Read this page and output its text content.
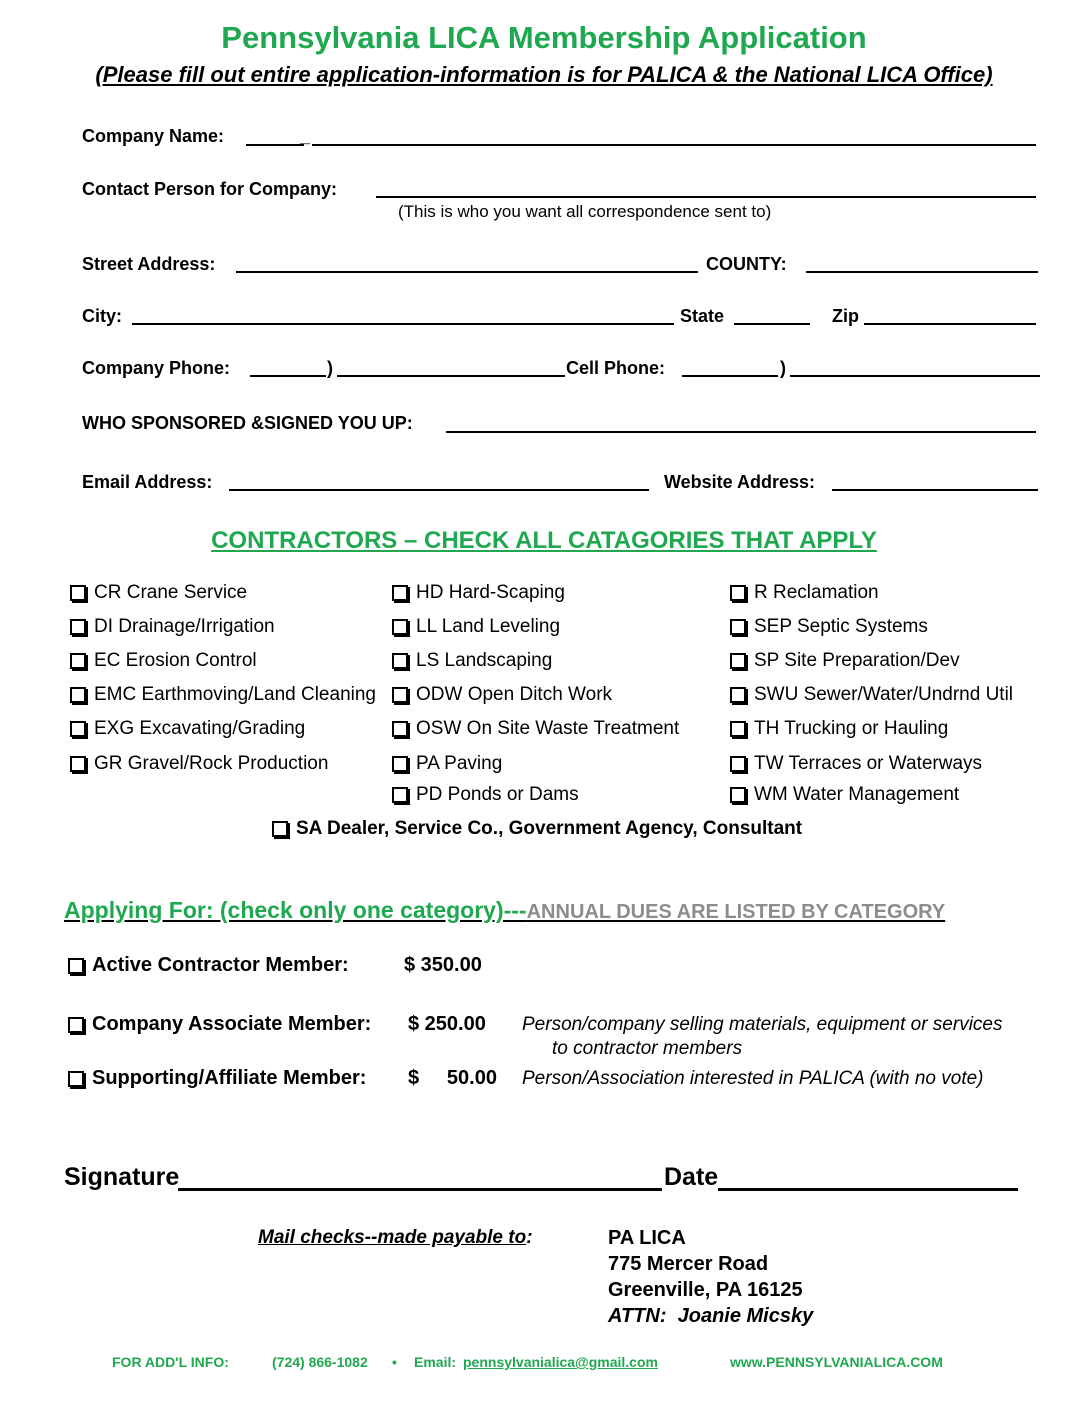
Pennsylvania LICA Membership Application
(Please fill out entire application-information is for PALICA & the National LICA Office)
Company Name:	_
Contact Person for Company:
(This is who you want all correspondence sent to)
Street Address:	COUNTY:
City:	State	Zip
Company Phone:	)	Cell Phone:	)
WHO SPONSORED &SIGNED YOU UP:
Email Address:	Website Address:
CONTRACTORS – CHECK ALL CATAGORIES THAT APPLY
CR Crane Service
DI Drainage/Irrigation
EC Erosion Control
EMC Earthmoving/Land Cleaning
EXG Excavating/Grading
GR Gravel/Rock Production
HD Hard-Scaping
LL Land Leveling
LS Landscaping
ODW Open Ditch Work
OSW On Site Waste Treatment
PA Paving
PD Ponds or Dams
R Reclamation
SEP Septic Systems
SP Site Preparation/Dev
SWU Sewer/Water/Undrnd Util
TH Trucking or Hauling
TW Terraces or Waterways
WM Water Management
SA Dealer, Service Co., Government Agency, Consultant
Applying For: (check only one category)---ANNUAL DUES ARE LISTED BY CATEGORY
Active Contractor Member:	$ 350.00
Company Associate Member: $ 250.00 Person/company selling materials, equipment or services
to contractor members
Supporting/Affiliate Member: $     50.00 Person/Association interested in PALICA (with no vote)
Signature	Date
Mail checks--made payable to:	PA LICA
775 Mercer Road
Greenville, PA 16125
ATTN:  Joanie Micsky
FOR ADD'L INFO:	(724) 866-1082 • Email: pennsylvanialica@gmail.com	www.PENNSYLVANIALICA.COM
